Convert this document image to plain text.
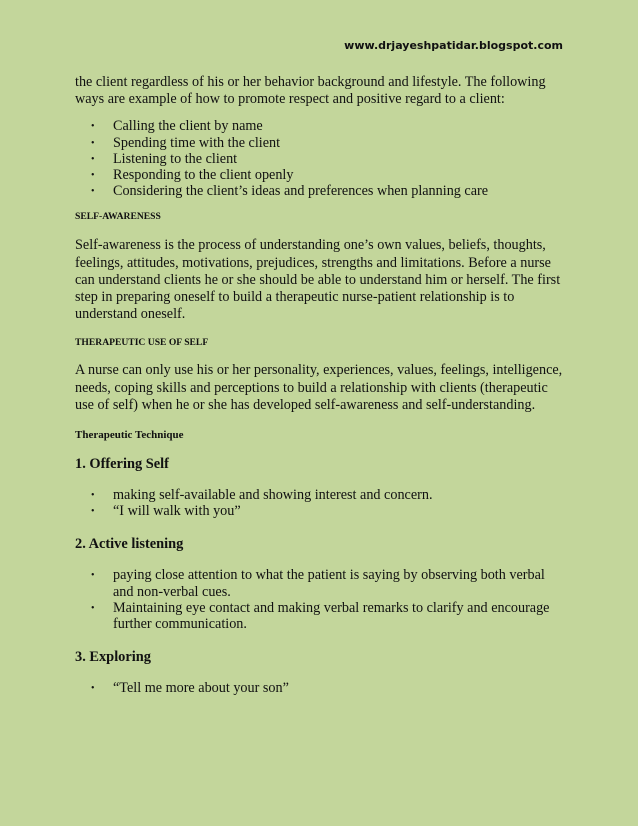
www.drjayeshpatidar.blogspot.com

the client regardless of his or her behavior background and lifestyle. The following ways are example of how to promote respect and positive regard to a client:

• Calling the client by name
• Spending time with the client
• Listening to the client
• Responding to the client openly
• Considering the client’s ideas and preferences when planning care

SELF-AWARENESS

Self-awareness is the process of understanding one’s own values, beliefs, thoughts, feelings, attitudes, motivations, prejudices, strengths and limitations. Before a nurse can understand clients he or she should be able to understand him or herself. The first step in preparing oneself to build a therapeutic nurse-patient relationship is to understand oneself.

THERAPEUTIC USE OF SELF

A nurse can only use his or her personality, experiences, values, feelings, intelligence, needs, coping skills and perceptions to build a relationship with clients (therapeutic use of self) when he or she has developed self-awareness and self-understanding.

Therapeutic Technique

1. Offering Self

• making self-available and showing interest and concern.
• “I will walk with you”

2. Active listening

• paying close attention to what the patient is saying by observing both verbal and non-verbal cues.
• Maintaining eye contact and making verbal remarks to clarify and encourage further communication.

3. Exploring

• “Tell me more about your son”
